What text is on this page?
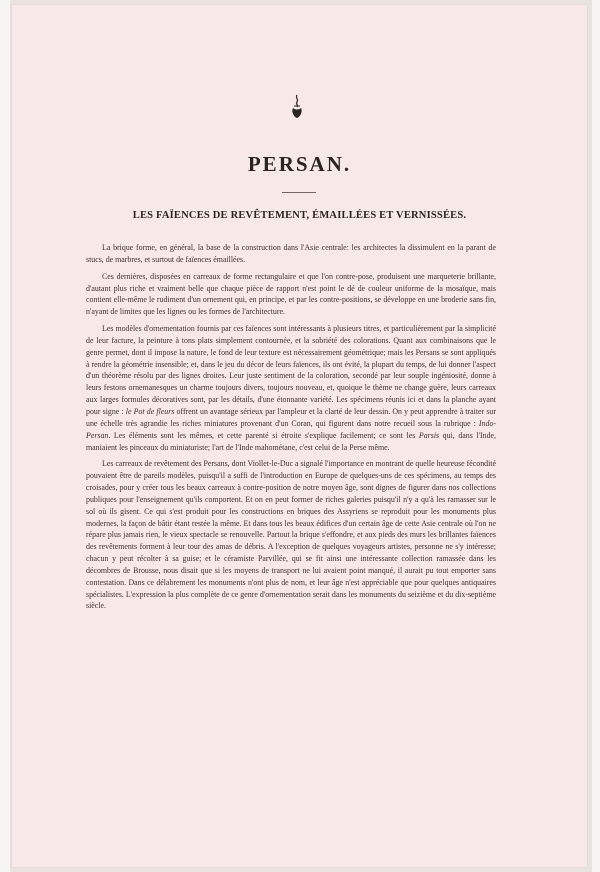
PERSAN.
LES FAÏENCES DE REVÊTEMENT, ÉMAILLÉES ET VERNISSÉES.

La brique forme, en général, la base de la construction dans l'Asie centrale: les architectes la dissimulent en la parant de stucs, de marbres, et surtout de faïences émaillées.

Ces dernières, disposées en carreaux de forme rectangulaire et que l'on contre-pose, produisent une marqueterie brillante, d'autant plus riche et vraiment belle que chaque pièce de rapport n'est point le dé de couleur uniforme de la mosaïque, mais contient elle-même le rudiment d'un ornement qui, en principe, et par les contre-positions, se développe en une broderie sans fin, n'ayant de limites que les lignes ou les formes de l'architecture.

Les modèles d'ornementation fournis par ces faïences sont intéressants à plusieurs titres, et particulièrement par la simplicité de leur facture, la peinture à tons plats simplement contournée, et la sobriété des colorations. Quant aux combinaisons que le genre permet, dont il impose la nature, le fond de leur texture est nécessairement géométrique; mais les Persans se sont appliqués à rendre la géométrie insensible; et, dans le jeu du décor de leurs faïences, ils ont évité, la plupart du temps, de lui donner l'aspect d'un théorème résolu par des lignes droites. Leur juste sentiment de la coloration, secondé par leur souple ingéniosité, donne à leurs festons ornemanesques un charme toujours divers, toujours nouveau, et, quoique le thème ne change guère, leurs carreaux aux larges formules décoratives sont, par les détails, d'une étonnante variété. Les spécimens réunis ici et dans la planche ayant pour signe : le Pot de fleurs offrent un avantage sérieux par l'ampleur et la clarté de leur dessin. On y peut apprendre à traiter sur une échelle très agrandie les riches miniatures provenant d'un Coran, qui figurent dans notre recueil sous la rubrique : Indo-Persan. Les éléments sont les mêmes, et cette parenté si étroite s'explique facilement; ce sont les Parsis qui, dans l'Inde, maniaient les pinceaux du miniaturiste; l'art de l'Inde mahométane, c'est celui de la Perse même.

Les carreaux de revêtement des Persans, dont Viollet-le-Duc a signalé l'importance en montrant de quelle heureuse fécondité pouvaient être de pareils modèles, puisqu'il a suffi de l'introduction en Europe de quelques-uns de ces spécimens, au temps des croisades, pour y créer tous les beaux carreaux à contre-position de notre moyen âge, sont dignes de figurer dans nos collections publiques pour l'enseignement qu'ils comportent. Et on en peut former de riches galeries puisqu'il n'y a qu'à les ramasser sur le sol où ils gisent. Ce qui s'est produit pour les constructions en briques des Assyriens se reproduit pour les monuments plus modernes, la façon de bâtir étant restée la même. Et dans tous les beaux édifices d'un certain âge de cette Asie centrale où l'on ne répare plus jamais rien, le vieux spectacle se renouvelle. Partout la brique s'effondre, et aux pieds des murs les brillantes faïences des revêtements forment à leur tour des amas de débris. A l'exception de quelques voyageurs artistes, personne ne s'y intéresse; chacun y peut récolter à sa guise; et le céramiste Parvillée, qui se fit ainsi une intéressante collection ramassée dans les décombres de Brousse, nous disait que si les moyens de transport ne lui avaient point manqué, il aurait pu tout emporter sans contestation. Dans ce délabrement les monuments n'ont plus de nom, et leur âge n'est appréciable que pour quelques antiquaires spécialistes. L'expression la plus complète de ce genre d'ornementation serait dans les monuments du seizième et du dix-septième siècle.
